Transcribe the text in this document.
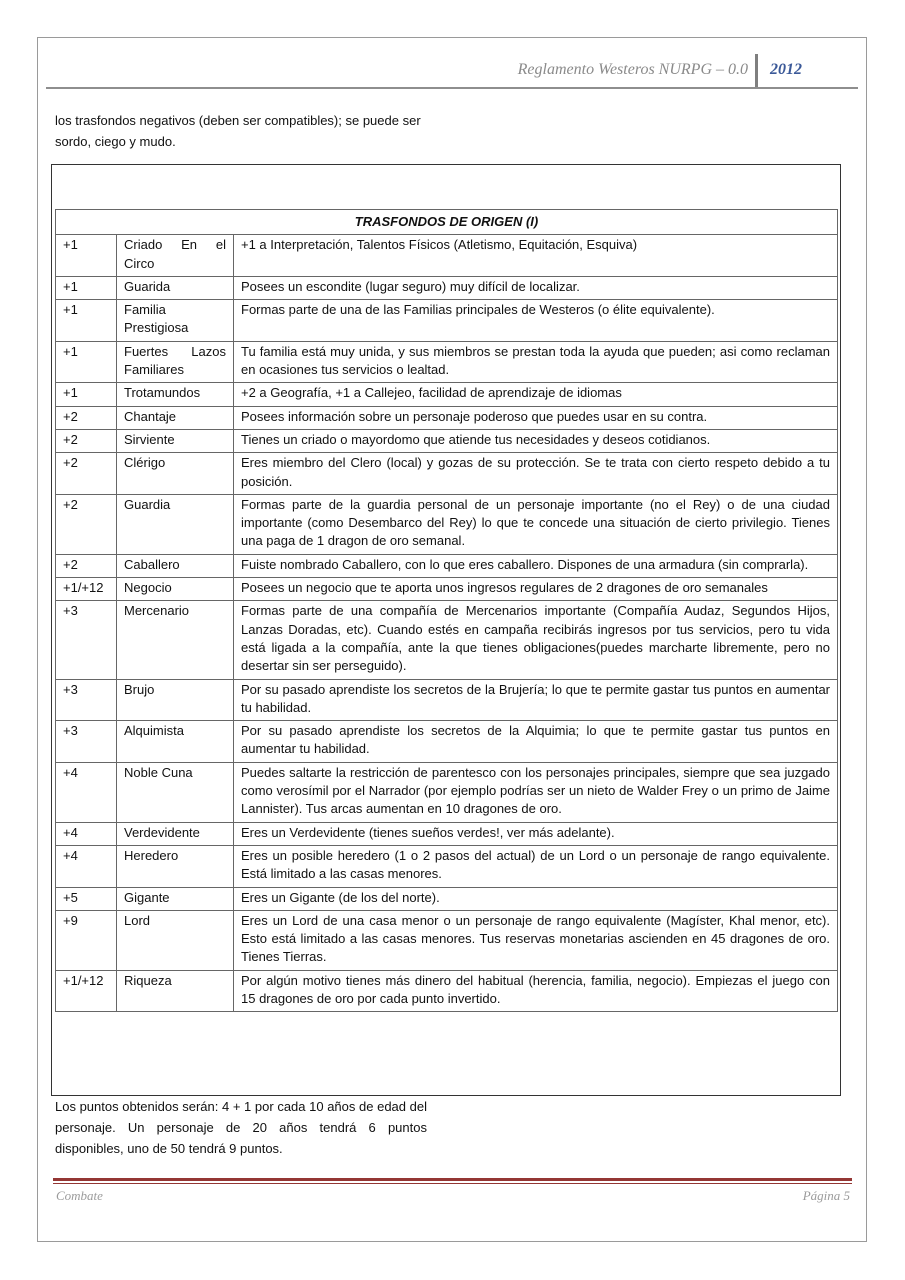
Reglamento Westeros NURPG – 0.0 2012
los trasfondos negativos (deben ser compatibles); se puede ser sordo, ciego y mudo.
TRASFONDOS DE ORIGEN (I)		
+1	Criado En el Circo	+1 a Interpretación, Talentos Físicos (Atletismo, Equitación, Esquiva)
+1	Guarida	Posees un escondite (lugar seguro) muy difícil de localizar.
+1	Familia Prestigiosa	Formas parte de una de las Familias principales de Westeros (o élite equivalente).
+1	Fuertes Lazos Familiares	Tu familia está muy unida, y sus miembros se prestan toda la ayuda que pueden; asi como reclaman en ocasiones tus servicios o lealtad.
+1	Trotamundos	+2 a Geografía, +1 a Callejeo, facilidad de aprendizaje de idiomas
+2	Chantaje	Posees información sobre un personaje poderoso que puedes usar en su contra.
+2	Sirviente	Tienes un criado o mayordomo que atiende tus necesidades y deseos cotidianos.
+2	Clérigo	Eres miembro del Clero (local) y gozas de su protección. Se te trata con cierto respeto debido a tu posición.
+2	Guardia	Formas parte de la guardia personal de un personaje importante (no el Rey) o de una ciudad importante (como Desembarco del Rey) lo que te concede una situación de cierto privilegio. Tienes una paga de 1 dragon de oro semanal.
+2	Caballero	Fuiste nombrado Caballero, con lo que eres caballero. Dispones de una armadura (sin comprarla).
+1/+12	Negocio	Posees un negocio que te aporta unos ingresos regulares de 2 dragones de oro semanales
+3	Mercenario	Formas parte de una compañía de Mercenarios importante (Compañía Audaz, Segundos Hijos, Lanzas Doradas, etc). Cuando estés en campaña recibirás ingresos por tus servicios, pero tu vida está ligada a la compañía, ante la que tienes obligaciones(puedes marcharte libremente, pero no desertar sin ser perseguido).
+3	Brujo	Por su pasado aprendiste los secretos de la Brujería; lo que te permite gastar tus puntos en aumentar tu habilidad.
+3	Alquimista	Por su pasado aprendiste los secretos de la Alquimia; lo que te permite gastar tus puntos en aumentar tu habilidad.
+4	Noble Cuna	Puedes saltarte la restricción de parentesco con los personajes principales, siempre que sea juzgado como verosímil por el Narrador (por ejemplo podrías ser un nieto de Walder Frey o un primo de Jaime Lannister). Tus arcas aumentan en 10 dragones de oro.
+4	Verdevidente	Eres un Verdevidente (tienes sueños verdes!, ver más adelante).
+4	Heredero	Eres un posible heredero (1 o 2 pasos del actual) de un Lord o un personaje de rango equivalente. Está limitado a las casas menores.
+5	Gigante	Eres un Gigante (de los del norte).
+9	Lord	Eres un Lord de una casa menor o un personaje de rango equivalente (Magíster, Khal menor, etc). Esto está limitado a las casas menores. Tus reservas monetarias ascienden en 45 dragones de oro. Tienes Tierras.
+1/+12	Riqueza	Por algún motivo tienes más dinero del habitual (herencia, familia, negocio). Empiezas el juego con 15 dragones de oro por cada punto invertido.
Los puntos obtenidos serán: 4 + 1 por cada 10 años de edad del personaje. Un personaje de 20 años tendrá 6 puntos disponibles, uno de 50 tendrá 9 puntos.
Combate	Página 5
